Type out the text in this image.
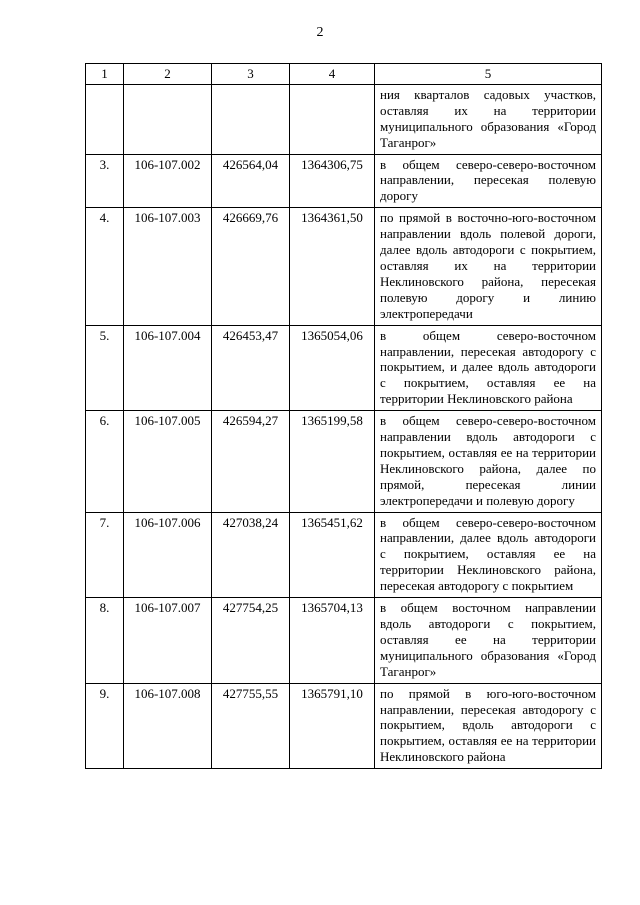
2
1	2	3	4	5
				ния кварталов садовых участков, оставляя их на территории муниципального образования «Город Таганрог»
3.	106-107.002	426564,04	1364306,75	в общем северо-северо-восточном направлении, пересекая полевую дорогу
4.	106-107.003	426669,76	1364361,50	по прямой в восточно-юго-восточном направлении вдоль полевой дороги, далее вдоль автодороги с покрытием, оставляя их на территории Неклиновского района, пересекая полевую дорогу и линию электропередачи
5.	106-107.004	426453,47	1365054,06	в общем северо-восточном направлении, пересекая автодорогу с покрытием, и далее вдоль автодороги с покрытием, оставляя ее на территории Неклиновского района
6.	106-107.005	426594,27	1365199,58	в общем северо-северо-восточном направлении вдоль автодороги с покрытием, оставляя ее на территории Неклиновского района, далее по прямой, пересекая линии электропередачи и полевую дорогу
7.	106-107.006	427038,24	1365451,62	в общем северо-северо-восточном направлении, далее вдоль автодороги с покрытием, оставляя ее на территории Неклиновского района, пересекая автодорогу с покрытием
8.	106-107.007	427754,25	1365704,13	в общем восточном направлении вдоль автодороги с покрытием, оставляя ее на территории муниципального образования «Город Таганрог»
9.	106-107.008	427755,55	1365791,10	по прямой в юго-юго-восточном направлении, пересекая автодорогу с покрытием, вдоль автодороги с покрытием, оставляя ее на территории Неклиновского района
